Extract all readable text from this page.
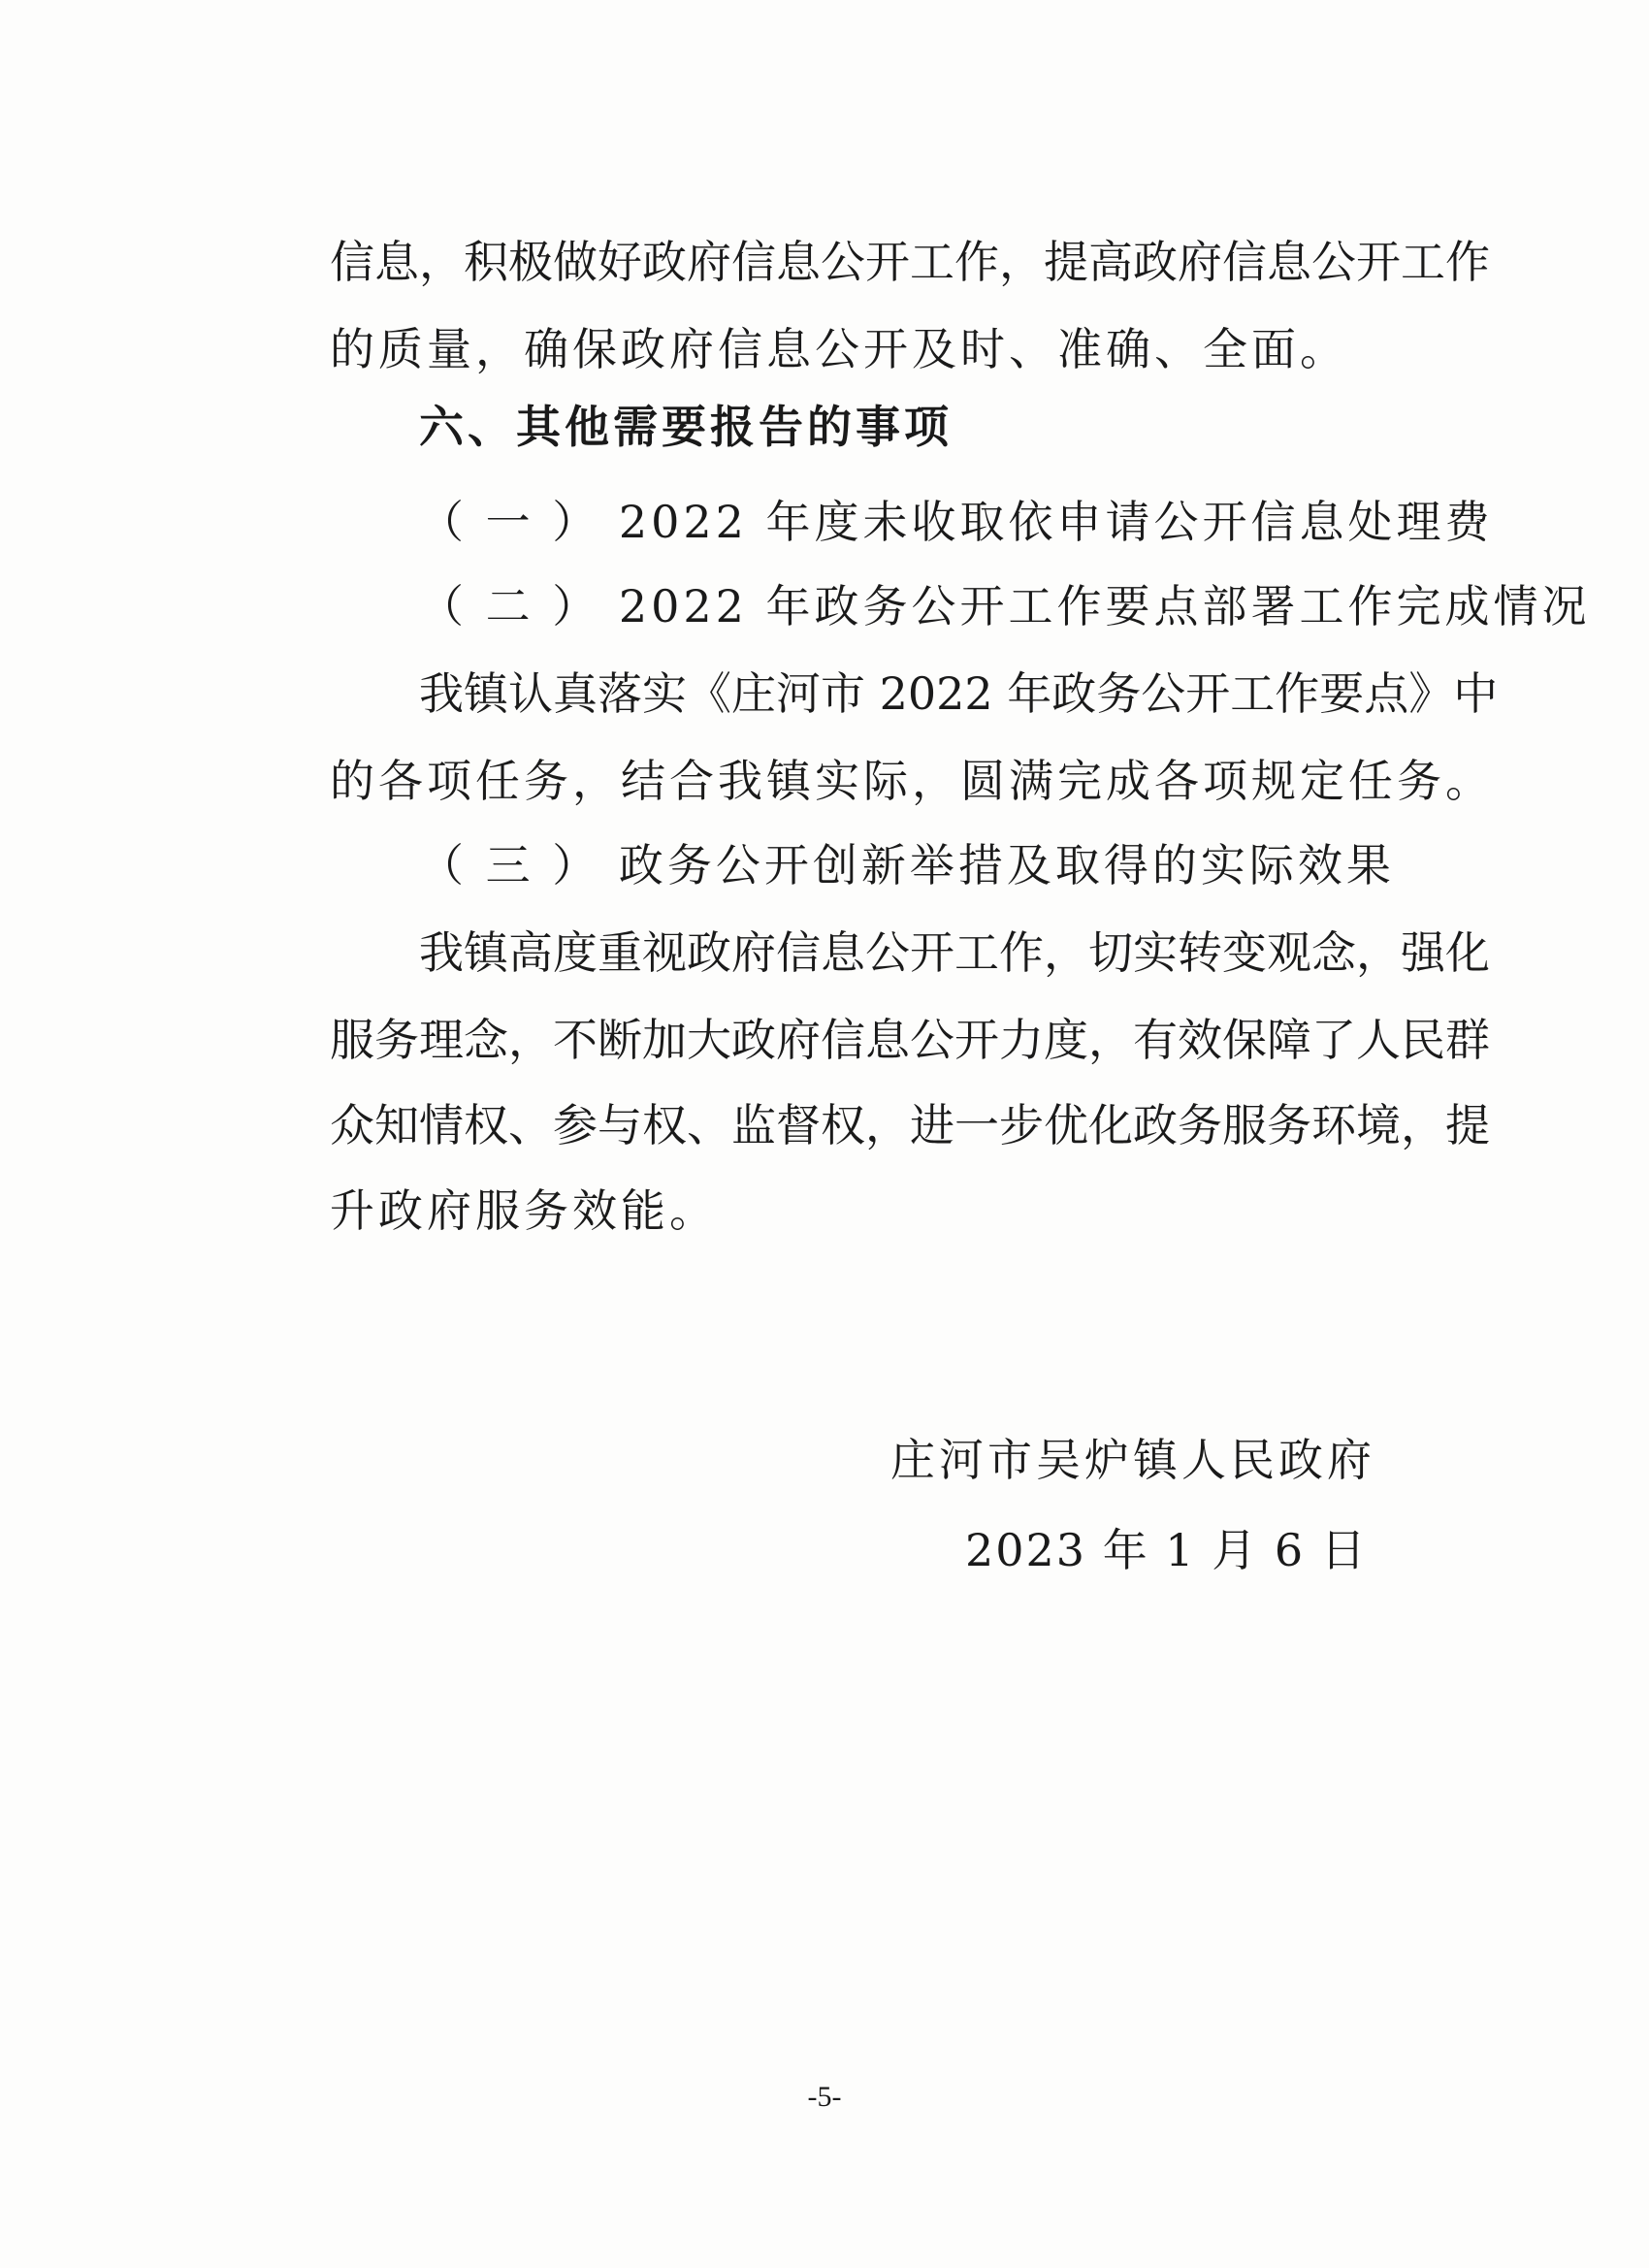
信息，积极做好政府信息公开工作，提高政府信息公开工作
的质量，确保政府信息公开及时、准确、全面。
六、其他需要报告的事项
（ 一 ） 2022 年度未收取依申请公开信息处理费
（ 二 ） 2022 年政务公开工作要点部署工作完成情况
我镇认真落实《庄河市 2022 年政务公开工作要点》中
的各项任务，结合我镇实际，圆满完成各项规定任务。
（ 三 ） 政务公开创新举措及取得的实际效果
我镇高度重视政府信息公开工作，切实转变观念，强化
服务理念，不断加大政府信息公开力度，有效保障了人民群
众知情权、参与权、监督权，进一步优化政务服务环境，提
升政府服务效能。
庄河市吴炉镇人民政府
2023 年 1 月 6 日
-5-
